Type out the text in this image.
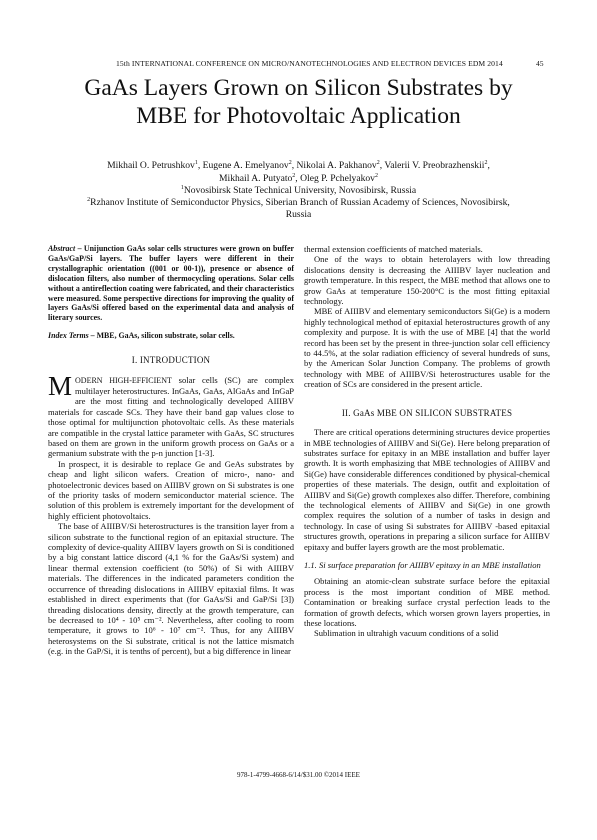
15th INTERNATIONAL CONFERENCE ON MICRO/NANOTECHNOLOGIES AND ELECTRON DEVICES EDM 2014	45
GaAs Layers Grown on Silicon Substrates by
MBE for Photovoltaic Application
Mikhail O. Petrushkov$^1$, Eugene A. Emelyanov$^2$, Nikolai A. Pakhanov$^2$, Valerii V. Preobrazhenskii$^2$,
Mikhail A. Putyato$^2$, Oleg P. Pchelyakov$^2$
$^1$Novosibirsk State Technical University, Novosibirsk, Russia
$^2$Rzhanov Institute of Semiconductor Physics, Siberian Branch of Russian Academy of Sciences, Novosibirsk,
Russia

Abstract – Unijunction GaAs solar cells structures were grown on buffer GaAs/GaP/Si layers. The buffer layers were different in their crystallographic orientation ((001 or 00-1)), presence or absence of dislocation filters, also number of thermocycling operations. Solar cells without a antireflection coating were fabricated, and their characteristics were measured. Some perspective directions for improving the quality of layers GaAs/Si offered based on the experimental data and analysis of literary sources.

Index Terms – MBE, GaAs, silicon substrate, solar cells.

I. INTRODUCTION

MODERN HIGH-EFFICIENT solar cells (SC) are complex multilayer heterostructures. InGaAs, GaAs, AlGaAs and InGaP are the most fitting and technologically developed AIIIBV materials for cascade SCs. They have their band gap values close to those optimal for multijunction photovoltaic cells. As these materials are compatible in the crystal lattice parameter with GaAs, SC structures based on them are grown in the uniform growth process on GaAs or a germanium substrate with the p-n junction [1-3].

In prospect, it is desirable to replace Ge and GeAs substrates by cheap and light silicon wafers. Creation of micro-, nano- and photoelectronic devices based on AIIIBV grown on Si substrates is one of the priority tasks of modern semiconductor material science. The solution of this problem is extremely important for the development of highly efficient photovoltaics.

The base of AIIIBV/Si heterostructures is the transition layer from a silicon substrate to the functional region of an epitaxial structure. The complexity of device-quality AIIIBV layers growth on Si is conditioned by a big constant lattice discord (4,1 % for the GaAs/Si system) and linear thermal extension coefficient (to 50%) of Si with AIIIBV materials. The differences in the indicated parameters condition the occurrence of threading dislocations in AIIIBV epitaxial films. It was established in direct experiments that (for GaAs/Si and GaP/Si [3]) threading dislocations density, directly at the growth temperature, can be decreased to 10⁴ - 10⁵ cm⁻². Nevertheless, after cooling to room temperature, it grows to 10⁶ - 10⁷ cm⁻². Thus, for any AIIIBV heterosystems on the Si substrate, critical is not the lattice mismatch (e.g. in the GaP/Si, it is tenths of percent), but a big difference in linear

thermal extension coefficients of matched materials.

One of the ways to obtain heterolayers with low threading dislocations density is decreasing the AIIIBV layer nucleation and growth temperature. In this respect, the MBE method that allows one to grow GaAs at temperature 150-200°C is the most fitting epitaxial technology.

MBE of AIIIBV and elementary semiconductors Si(Ge) is a modern highly technological method of epitaxial heterostructures growth of any complexity and purpose. It is with the use of MBE [4] that the world record has been set by the present in three-junction solar cell efficiency to 44.5%, at the solar radiation efficiency of several hundreds of suns, by the American Solar Junction Company. The problems of growth technology with MBE of AIIIBV/Si heterostructures usable for the creation of SCs are considered in the present article.

II. GaAs MBE ON SILICON SUBSTRATES

There are critical operations determining structures device properties in MBE technologies of AIIIBV and Si(Ge). Here belong preparation of substrates surface for epitaxy in an MBE installation and buffer layer growth. It is worth emphasizing that MBE technologies of AIIIBV and Si(Ge) have considerable differences conditioned by physical-chemical properties of these materials. The design, outfit and exploitation of AIIIBV and Si(Ge) growth complexes also differ. Therefore, combining the technological elements of AIIIBV and Si(Ge) in one growth complex requires the solution of a number of tasks in design and technology. In case of using Si substrates for AIIIBV -based epitaxial structures growth, operations in preparing a silicon surface for AIIIBV epitaxy and buffer layers growth are the most problematic.

1.1. Si surface preparation for AIIIBV epitaxy in an MBE installation

Obtaining an atomic-clean substrate surface before the epitaxial process is the most important condition of MBE method. Contamination or breaking surface crystal perfection leads to the formation of growth defects, which worsen grown layers properties, in these locations.

Sublimation in ultrahigh vacuum conditions of a solid

978-1-4799-4668-6/14/$31.00 ©2014 IEEE
